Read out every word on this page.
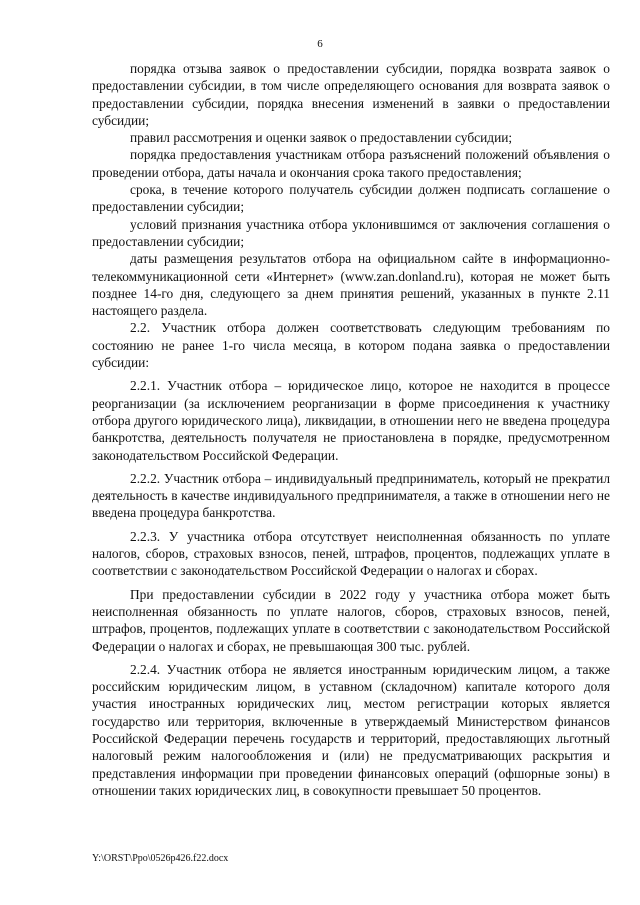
6

порядка отзыва заявок о предоставлении субсидии, порядка возврата заявок о предоставлении субсидии, в том числе определяющего основания для возврата заявок о предоставлении субсидии, порядка внесения изменений в заявки о предоставлении субсидии;

правил рассмотрения и оценки заявок о предоставлении субсидии;

порядка предоставления участникам отбора разъяснений положений объявления о проведении отбора, даты начала и окончания срока такого предоставления;

срока, в течение которого получатель субсидии должен подписать соглашение о предоставлении субсидии;

условий признания участника отбора уклонившимся от заключения соглашения о предоставлении субсидии;

даты размещения результатов отбора на официальном сайте в информационно-телекоммуникационной сети «Интернет» (www.zan.donland.ru), которая не может быть позднее 14-го дня, следующего за днем принятия решений, указанных в пункте 2.11 настоящего раздела.

2.2. Участник отбора должен соответствовать следующим требованиям по состоянию не ранее 1-го числа месяца, в котором подана заявка о предоставлении субсидии:

2.2.1. Участник отбора – юридическое лицо, которое не находится в процессе реорганизации (за исключением реорганизации в форме присоединения к участнику отбора другого юридического лица), ликвидации, в отношении него не введена процедура банкротства, деятельность получателя не приостановлена в порядке, предусмотренном законодательством Российской Федерации.

2.2.2. Участник отбора – индивидуальный предприниматель, который не прекратил деятельность в качестве индивидуального предпринимателя, а также в отношении него не введена процедура банкротства.

2.2.3. У участника отбора отсутствует неисполненная обязанность по уплате налогов, сборов, страховых взносов, пеней, штрафов, процентов, подлежащих уплате в соответствии с законодательством Российской Федерации о налогах и сборах.

При предоставлении субсидии в 2022 году у участника отбора может быть неисполненная обязанность по уплате налогов, сборов, страховых взносов, пеней, штрафов, процентов, подлежащих уплате в соответствии с законодательством Российской Федерации о налогах и сборах, не превышающая 300 тыс. рублей.

2.2.4. Участник отбора не является иностранным юридическим лицом, а также российским юридическим лицом, в уставном (складочном) капитале которого доля участия иностранных юридических лиц, местом регистрации которых является государство или территория, включенные в утверждаемый Министерством финансов Российской Федерации перечень государств и территорий, предоставляющих льготный налоговый режим налогообложения и (или) не предусматривающих раскрытия и представления информации при проведении финансовых операций (офшорные зоны) в отношении таких юридических лиц, в совокупности превышает 50 процентов.

Y:\ORST\Ppo\0526p426.f22.docx
